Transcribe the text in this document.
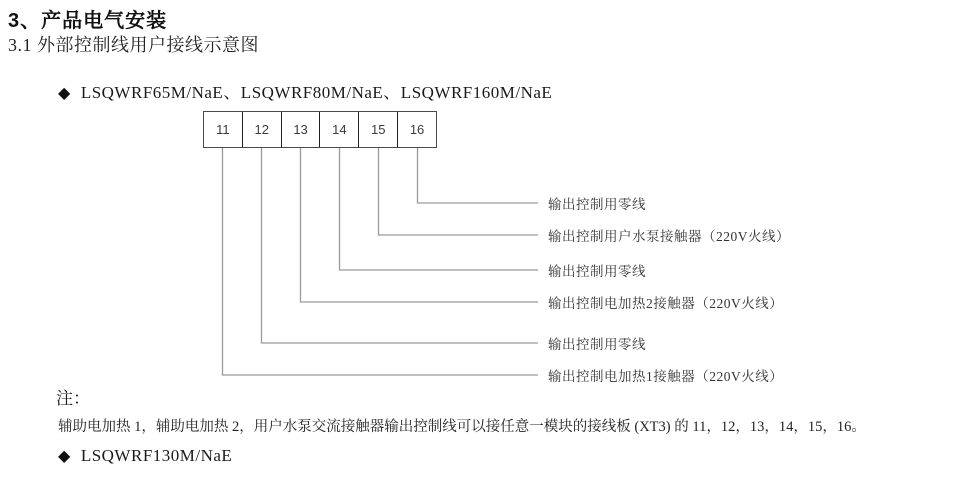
3、产品电气安装
3.1 外部控制线用户接线示意图
◆ LSQWRF65M/NaE、LSQWRF80M/NaE、LSQWRF160M/NaE
11	12	13	14	15	16
输出控制用零线
输出控制用户水泵接触器（220V火线）
输出控制用零线
输出控制电加热2接触器（220V火线）
输出控制用零线
输出控制电加热1接触器（220V火线）
注：
辅助电加热 1，辅助电加热 2，用户水泵交流接触器输出控制线可以接任意一模块的接线板 (XT3) 的 11，12，13，14，15，16。
◆ LSQWRF130M/NaE
